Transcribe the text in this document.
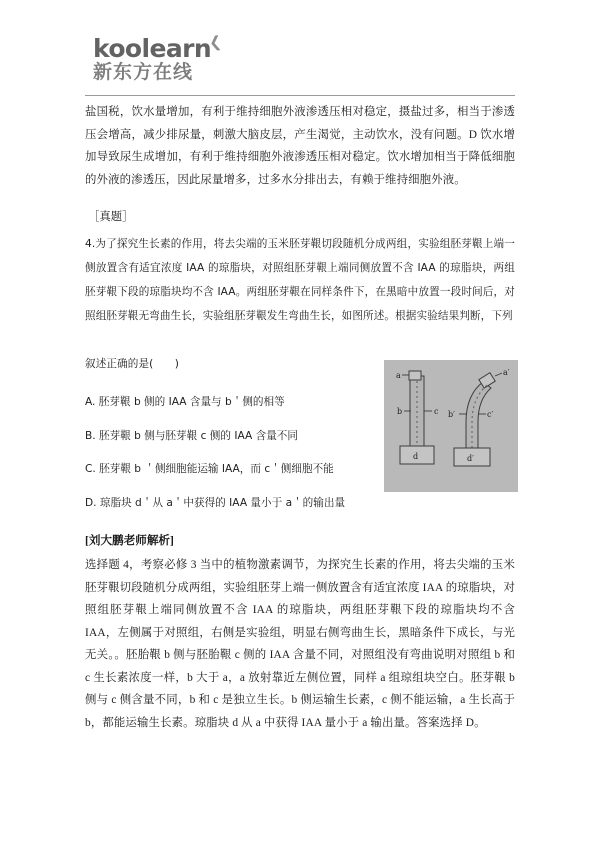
koolearn
❮
新东方在线
盐国税，饮水量增加，有利于维持细胞外液渗透压相对稳定，摄盐过多，相当于渗透压会增高，减少排尿量，刺激大脑皮层，产生渴觉，主动饮水，没有问题。D 饮水增加导致尿生成增加，有利于维持细胞外液渗透压相对稳定。饮水增加相当于降低细胞的外液的渗透压，因此尿量增多，过多水分排出去，有赖于维持细胞外液。
［真题］
4.为了探究生长素的作用，将去尖端的玉米胚芽鞎切段随机分成两组，实验组胚芽鞎上端一侧放置含有适宜浓度 IAA 的琼脂块，对照组胚芽鞎上端同侧放置不含 IAA 的琼脂块，两组胚芽鞎下段的琼脂块均不含 IAA。两组胚芽鞎在同样条件下，在黑暗中放置一段时间后，对照组胚芽鞎无弯曲生长，实验组胚芽鞎发生弯曲生长，如图所述。根据实验结果判断，下列
叙述正确的是(　　)
A. 胚芽鞎 b 侧的 IAA 含量与 b＇侧的相等
B. 胚芽鞎 b 侧与胚芽鞎 c 侧的 IAA 含量不同
C. 胚芽鞎 b ＇侧细胞能运输 IAA，而 c＇侧细胞不能
D. 琼脂块 d＇从 a＇中获得的 IAA 量小于 a＇的输出量
a
b	c
d
a′
b′	c′
d′
[刘大鹏老师解析]
选择题 4，考察必修 3 当中的植物激素调节，为探究生长素的作用，将去尖端的玉米胚芽鞎切段随机分成两组，实验组胚芽上端一侧放置含有适宜浓度 IAA 的琼脂块，对照组胚芽鞎上端同侧放置不含 IAA 的琼脂块，两组胚芽鞎下段的琼脂块均不含 IAA，左侧属于对照组，右侧是实验组，明显右侧弯曲生长，黑暗条件下成长，与光无关。。胚胎鞎 b 侧与胚胎鞎 c 侧的 IAA 含量不同，对照组没有弯曲说明对照组 b 和 c 生长素浓度一样，b 大于 a，a 放射靠近左侧位置，同样 a 组琼组块空白。胚芽鞎 b 侧与 c 侧含量不同，b 和 c 是独立生长。b 侧运输生长素，c 侧不能运输，a 生长高于 b，都能运输生长素。琼脂块 d 从 a 中获得 IAA 量小于 a 输出量。答案选择 D。
